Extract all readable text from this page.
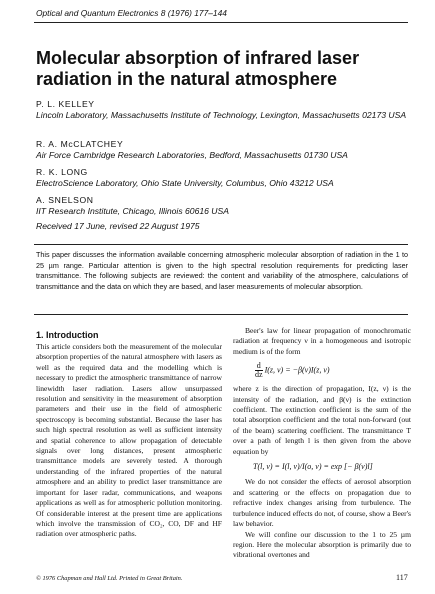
Optical and Quantum Electronics 8 (1976) 177–144
Molecular absorption of infrared laser radiation in the natural atmosphere
P. L. KELLEY
Lincoln Laboratory, Massachusetts Institute of Technology, Lexington, Massachusetts 02173 USA
R. A. McCLATCHEY
Air Force Cambridge Research Laboratories, Bedford, Massachusetts 01730 USA
R. K. LONG
ElectroScience Laboratory, Ohio State University, Columbus, Ohio 43212 USA
A. SNELSON
IIT Research Institute, Chicago, Illinois 60616 USA
Received 17 June, revised 22 August 1975
This paper discusses the information available concerning atmospheric molecular absorption of radiation in the 1 to 25 µm range. Particular attention is given to the high spectral resolution requirements for predicting laser transmittance. The following subjects are reviewed: the content and variability of the atmosphere, calculations of transmittance and the data on which they are based, and laser measurements of molecular absorption.
1. Introduction

This article considers both the measurement of the molecular absorption properties of the natural atmosphere with lasers as well as the required data and the modelling which is necessary to predict the atmospheric transmittance of narrow linewidth laser radiation. Lasers allow unsurpassed resolution and sensitivity in the measurement of absorption parameters and their use in the field of atmospheric spectroscopy is becoming substantial. Because the laser has such high spectral resolution as well as sufficient intensity and spatial coherence to allow propagation of detectable signals over long distances, present atmospheric transmittance models are severely tested. A thorough understanding of the infrared properties of the natural atmosphere and an ability to predict laser transmittance are important for laser radar, communications, and weapons applications as well as for atmospheric pollution monitoring. Of considerable interest at the present time are applications which involve the transmission of CO₂, CO, DF and HF radiation over atmospheric paths.

Beer's law for linear propagation of monochromatic radiation at frequency ν in a homogeneous and isotropic medium is of the form

$\frac{d}{dz} I(z$, ν) = −β(ν)I(z, ν)

where z is the direction of propagation, I(z, ν) is the intensity of the radiation, and β(ν) is the extinction coefficient. The extinction coefficient is the sum of the total absorption coefficient and the total non-forward (out of the beam) scattering coefficient. The transmittance T over a path of length l is then given from the above equation by

T(l, ν) = I(l, ν)/I(o, ν) = exp [− β(ν)l]

We do not consider the effects of aerosol absorption and scattering or the effects on propagation due to refractive index changes arising from turbulence. The turbulence induced effects do not, of course, show a Beer's law behavior.

We will confine our discussion to the 1 to 25 µm region. Here the molecular absorption is primarily due to vibrational overtones and

© 1976 Chapman and Hall Ltd. Printed in Great Britain.	117
